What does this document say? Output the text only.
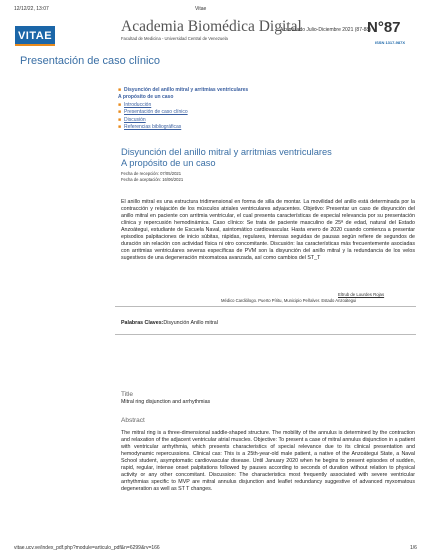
12/12/22, 13:07	Vitae
VITAE
Academia Biomédica Digital
Facultad de Medicina - Universidad Central de Venezuela
Acumulado Julio-Diciembre 2021 (87-88)
N°87
ISSN 1317-987X
Presentación de caso clínico
■ Disyunción del anillo mitral y arritmias ventriculares
A propósito de un caso
■ Introducción
■ Presentación de caso clínico
■ Discusión
■ Referencias bibliográficas
Disyunción del anillo mitral y arritmias ventriculares
A propósito de un caso
Fecha de recepción: 07/05/2021
Fecha de aceptación: 16/06/2021
El anillo mitral es una estructura tridimensional en forma de silla de montar. La movilidad del anillo está determinada por la contracción y relajación de los músculos atriales ventriculares adyacentes. Objetivo: Presentar un caso de disyunción del anillo mitral en paciente con arritmia ventricular, el cual presenta características de especial relevancia por su presentación clínica y repercusión hemodinámica. Caso clínico: Se trata de paciente masculino de 25ª de edad, natural del Estado Anzoátegui, estudiante de Escuela Naval, asintomático cardiovascular. Hasta enero de 2020 cuando comienza a presentar episodios palpitaciones de inicio súbitas, rápidas, regulares, intensas seguidas de pausas según refiere de segundos de duración sin relación con actividad física ni otro concomitante. Discusión: las características más frecuentemente asociadas con arritmias ventriculares severas específicas de PVM son la disyunción del anillo mitral y la redundancia de los velos sugestivos de una degeneración mixomatosa avanzada, así como cambios del ST_T
Eltrub de Lourdes Rojas
Médico Cardiólogo. Puerto Píritu, Municipio Peñalver. Estado Anzoátegui
Palabras Claves:Disyunción Anillo mitral
Title
Mitral ring disjunction and arrhythmias
Abstract
The mitral ring is a three-dimensional saddle-shaped structure. The mobility of the annulus is determined by the contraction and relaxation of the adjacent ventricular atrial muscles. Objective: To present a case of mitral annulus disjunction in a patient with ventricular arrhythmia, which presents characteristics of special relevance due to its clinical presentation and hemodynamic repercussions. Clinical cas: This is a 25th-year-old male patient, a native of the Anzoátegui State, a Naval School student, asymptomatic cardiovascular disease. Until January 2020 when he begins to present episodes of sudden, rapid, regular, intense onset palpitations followed by pauses according to seconds of duration without relation to physical activity or any other concomitant. Discussion: The characteristics most frequently associated with severe ventricular arrhythmias specific to MVP are mitral annulus disjunction and leaflet redundancy suggestive of advanced myxomatous degeneration as well as ST T changes.
vitae.ucv.ve/index_pdf.php?module=articulo_pdf&n=6299&rv=166	1/6
